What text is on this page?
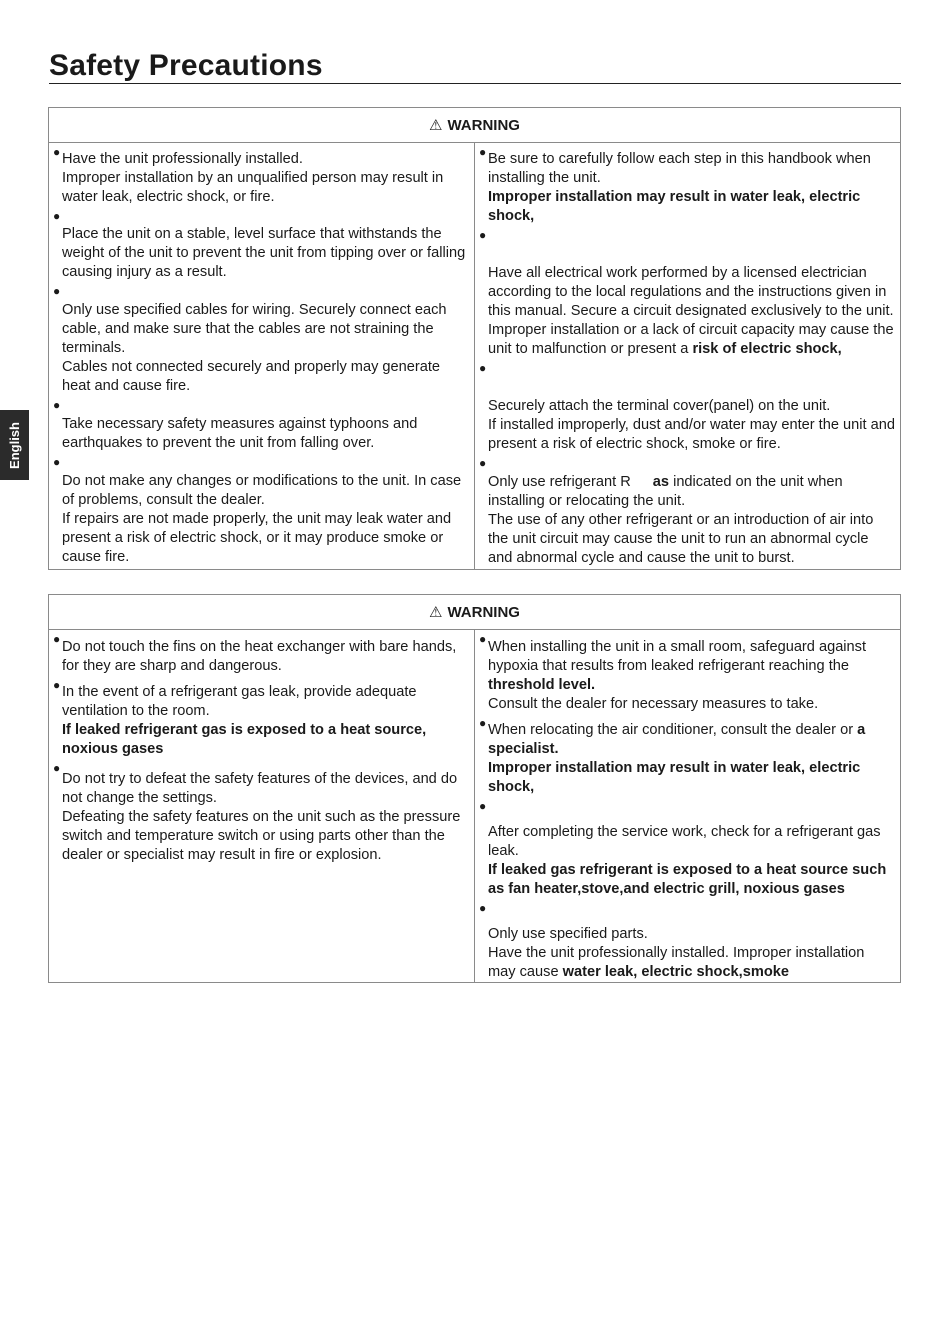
Safety Precautions
English
⚠ WARNING

● Have the unit professionally installed.

Improper installation by an unqualified person may result in water leak, electric shock, or fire.

●

Place the unit on a stable, level surface that withstands the weight of the unit to prevent the unit from tipping over or falling causing injury as a result.

●

Only use specified cables for wiring. Securely connect each cable, and make sure that the cables are not straining the terminals.

Cables not connected securely and properly may generate heat and cause fire.

●

Take necessary safety measures against typhoons and earthquakes to prevent the unit from falling over.

●

Do not make any changes or modifications to the unit. In case of problems, consult the dealer.

If repairs are not made properly, the unit may leak water and present a risk of electric shock, or it may produce smoke or cause fire.

● Be sure to carefully follow each step in this handbook when installing the unit.

Improper installation may result in water leak, electric shock,

●

Have all electrical work performed by a licensed electrician according to the local regulations and the instructions given in this manual. Secure a circuit designated exclusively to the unit.

Improper installation or a lack of circuit capacity may cause the unit to malfunction or present a risk of electric shock,

●

Securely attach the terminal cover(panel) on the unit.

If installed improperly, dust and/or water may enter the unit and present a risk of electric shock, smoke or fire.

●

Only use refrigerant R as indicated on the unit when

installing or relocating the unit.

The use of any other refrigerant or an introduction of air into the unit circuit may cause the unit to run an abnormal cycle and abnormal cycle and cause the unit to burst.

⚠ WARNING

● Do not touch the fins on the heat exchanger with bare hands, for they are sharp and dangerous.

● In the event of a refrigerant gas leak, provide adequate ventilation to the room.

If leaked refrigerant gas is exposed to a heat source, noxious gases

●

Do not try to defeat the safety features of the devices, and do not change the settings.

Defeating the safety features on the unit such as the pressure switch and temperature switch or using parts other than the dealer or specialist may result in fire or explosion.

● When installing the unit in a small room, safeguard against hypoxia that results from leaked refrigerant reaching the threshold level.

Consult the dealer for necessary measures to take.

● When relocating the air conditioner, consult the dealer or a specialist.

Improper installation may result in water leak, electric shock,

●

After completing the service work, check for a refrigerant gas leak.

If leaked gas refrigerant is exposed to a heat source such as fan heater,stove,and electric grill, noxious gases

●

Only use specified parts.

Have the unit professionally installed. Improper installation may cause water leak, electric shock,smoke
